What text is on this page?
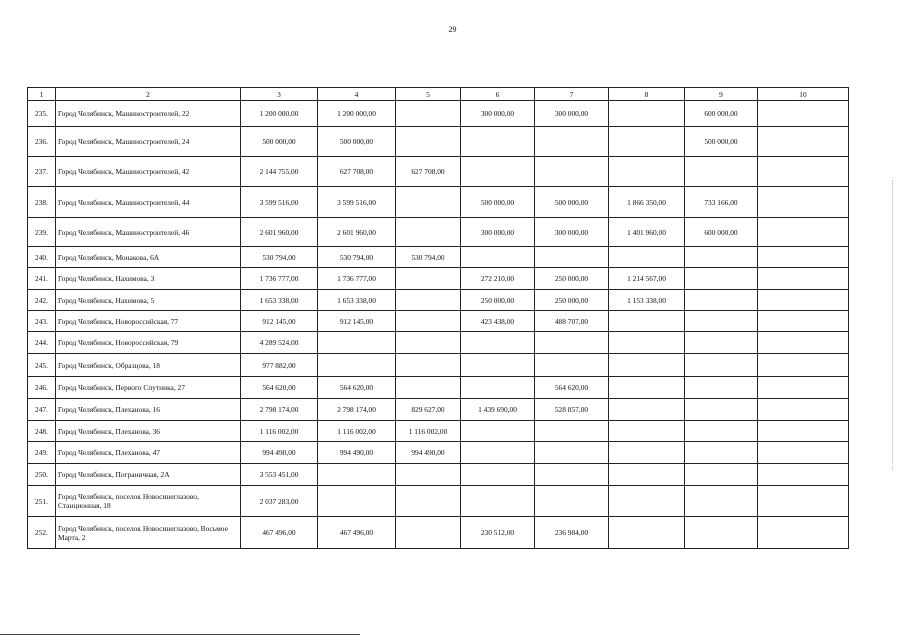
29
1	2	3	4	5	6	7	8	9	10
235.	Город Челябинск, Машиностроителей, 22	1 200 000,00	1 200 000,00		300 000,00	300 000,00		600 000,00	
236.	Город Челябинск, Машиностроителей, 24	500 000,00	500 000,00					500 000,00	
237.	Город Челябинск, Машиностроителей, 42	2 144 755,00	627 708,00	627 708,00					
238.	Город Челябинск, Машиностроителей, 44	3 599 516,00	3 599 516,00		500 000,00	500 000,00	1 866 350,00	733 166,00	
239.	Город Челябинск, Машиностроителей, 46	2 601 960,00	2 601 960,00		300 000,00	300 000,00	1 401 960,00	600 000,00	
240.	Город Челябинск, Монакова, 6А	530 794,00	530 794,00	530 794,00					
241.	Город Челябинск, Нахимова, 3	1 736 777,00	1 736 777,00		272 210,00	250 000,00	1 214 567,00		
242.	Город Челябинск, Нахимова, 5	1 653 338,00	1 653 338,00		250 000,00	250 000,00	1 153 338,00		
243.	Город Челябинск, Новороссийская, 77	912 145,00	912 145,00		423 438,00	488 707,00			
244.	Город Челябинск, Новороссийская, 79	4 289 524,00							
245.	Город Челябинск, Образцова, 18	977 882,00							
246.	Город Челябинск, Первого Спутника, 27	564 620,00	564 620,00			564 620,00			
247.	Город Челябинск, Плеханова, 16	2 798 174,00	2 798 174,00	829 627,00	1 439 690,00	528 857,00			
248.	Город Челябинск, Плеханова, 36	1 116 002,00	1 116 002,00	1 116 002,00					
249.	Город Челябинск, Плеханова, 47	994 490,00	994 490,00	994 490,00					
250.	Город Челябинск, Пограничная, 2А	3 553 451,00							
251.	Город Челябинск, поселок Новосинеглазово, Станционная, 18	2 037 283,00							
252.	Город Челябинск, поселок Новосинеглазово, Восьмое Марта, 2	467 496,00	467 496,00		230 512,00	236 984,00			
